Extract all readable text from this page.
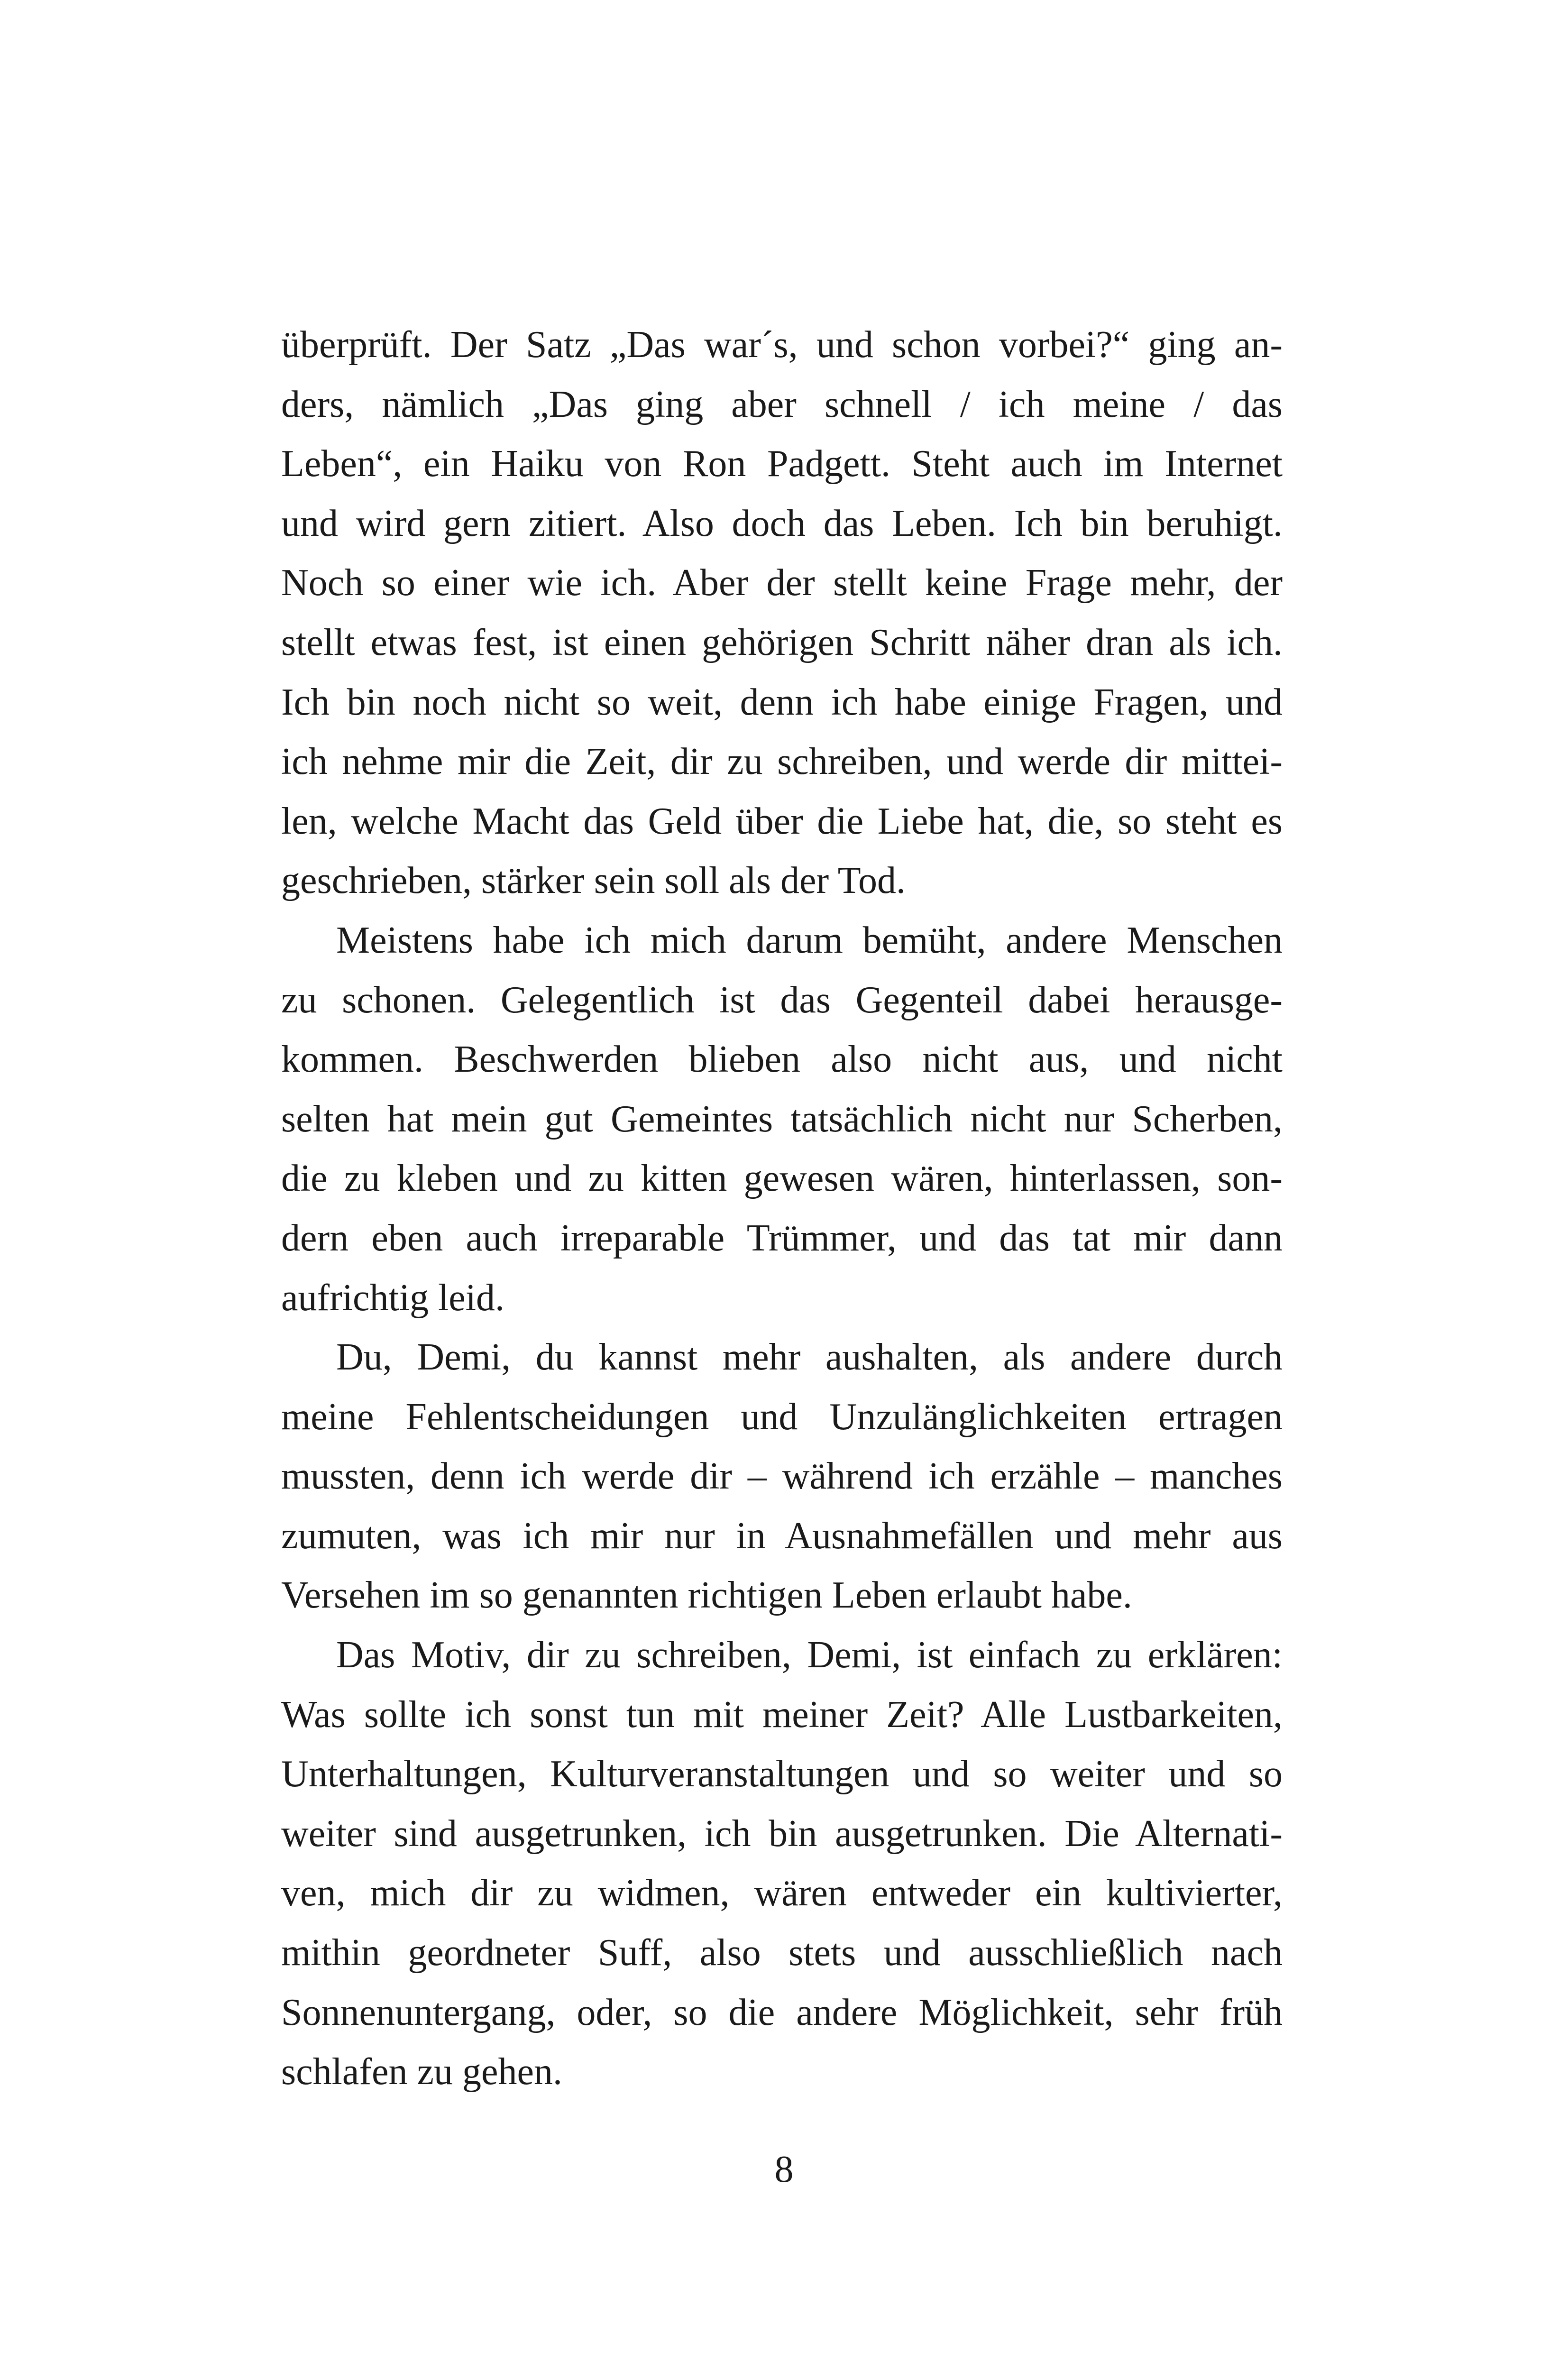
überprüft. Der Satz „Das war´s, und schon vorbei?“ ging an-
ders, nämlich „Das ging aber schnell / ich meine / das
Leben“, ein Haiku von Ron Padgett. Steht auch im Internet
und wird gern zitiert. Also doch das Leben. Ich bin beruhigt.
Noch so einer wie ich. Aber der stellt keine Frage mehr, der
stellt etwas fest, ist einen gehörigen Schritt näher dran als ich.
Ich bin noch nicht so weit, denn ich habe einige Fragen, und
ich nehme mir die Zeit, dir zu schreiben, und werde dir mittei-
len, welche Macht das Geld über die Liebe hat, die, so steht es
geschrieben, stärker sein soll als der Tod.
Meistens habe ich mich darum bemüht, andere Menschen
zu schonen. Gelegentlich ist das Gegenteil dabei herausge-
kommen. Beschwerden blieben also nicht aus, und nicht
selten hat mein gut Gemeintes tatsächlich nicht nur Scherben,
die zu kleben und zu kitten gewesen wären, hinterlassen, son-
dern eben auch irreparable Trümmer, und das tat mir dann
aufrichtig leid.
Du, Demi, du kannst mehr aushalten, als andere durch
meine Fehlentscheidungen und Unzulänglichkeiten ertragen
mussten, denn ich werde dir – während ich erzähle – manches
zumuten, was ich mir nur in Ausnahmefällen und mehr aus
Versehen im so genannten richtigen Leben erlaubt habe.
Das Motiv, dir zu schreiben, Demi, ist einfach zu erklären:
Was sollte ich sonst tun mit meiner Zeit? Alle Lustbarkeiten,
Unterhaltungen, Kulturveranstaltungen und so weiter und so
weiter sind ausgetrunken, ich bin ausgetrunken. Die Alternati-
ven, mich dir zu widmen, wären entweder ein kultivierter,
mithin geordneter Suff, also stets und ausschließlich nach
Sonnenuntergang, oder, so die andere Möglichkeit, sehr früh
schlafen zu gehen.
8
